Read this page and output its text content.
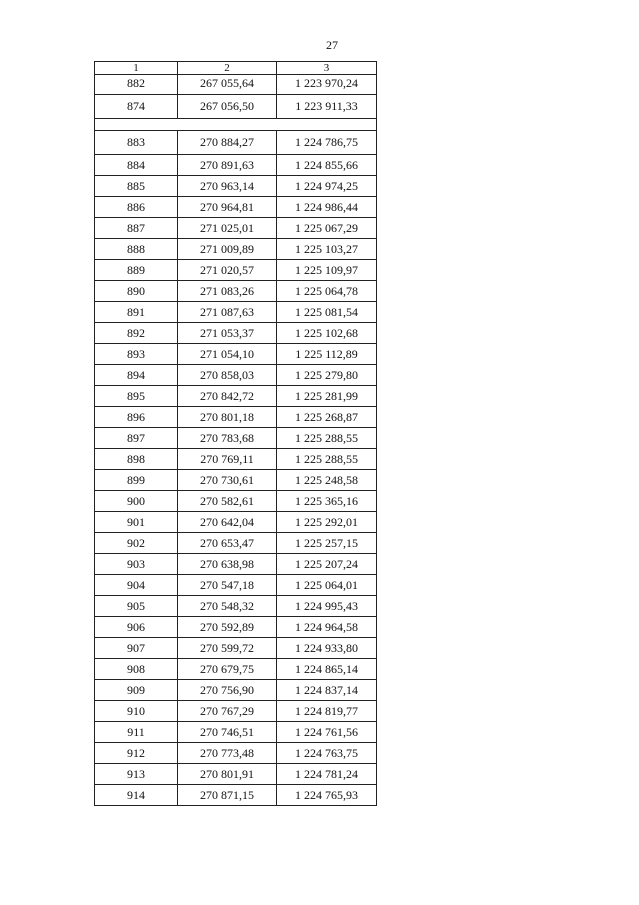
27
1	2	3
882	267 055,64	1 223 970,24
874	267 056,50	1 223 911,33

883	270 884,27	1 224 786,75
884	270 891,63	1 224 855,66
885	270 963,14	1 224 974,25
886	270 964,81	1 224 986,44
887	271 025,01	1 225 067,29
888	271 009,89	1 225 103,27
889	271 020,57	1 225 109,97
890	271 083,26	1 225 064,78
891	271 087,63	1 225 081,54
892	271 053,37	1 225 102,68
893	271 054,10	1 225 112,89
894	270 858,03	1 225 279,80
895	270 842,72	1 225 281,99
896	270 801,18	1 225 268,87
897	270 783,68	1 225 288,55
898	270 769,11	1 225 288,55
899	270 730,61	1 225 248,58
900	270 582,61	1 225 365,16
901	270 642,04	1 225 292,01
902	270 653,47	1 225 257,15
903	270 638,98	1 225 207,24
904	270 547,18	1 225 064,01
905	270 548,32	1 224 995,43
906	270 592,89	1 224 964,58
907	270 599,72	1 224 933,80
908	270 679,75	1 224 865,14
909	270 756,90	1 224 837,14
910	270 767,29	1 224 819,77
911	270 746,51	1 224 761,56
912	270 773,48	1 224 763,75
913	270 801,91	1 224 781,24
914	270 871,15	1 224 765,93
